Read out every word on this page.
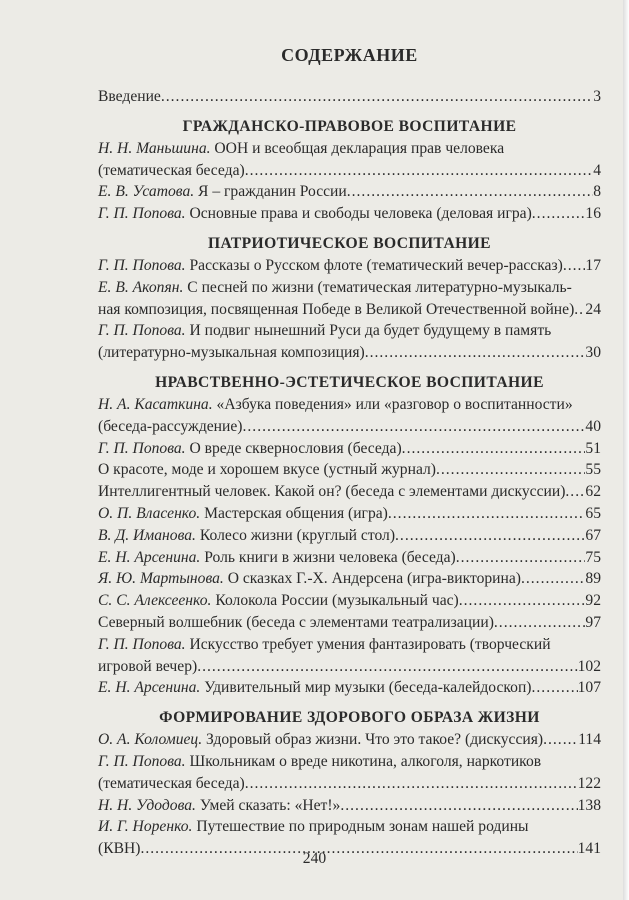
СОДЕРЖАНИЕ
Введение .....	3
ГРАЖДАНСКО-ПРАВОВОЕ ВОСПИТАНИЕ
Н. Н. Маньшина. ООН и всеобщая декларация прав человека
(тематическая беседа) .....	4
Е. В. Усатова. Я – гражданин России .....	8
Г. П. Попова. Основные права и свободы человека (деловая игра) .....	16
ПАТРИОТИЧЕСКОЕ ВОСПИТАНИЕ
Г. П. Попова. Рассказы о Русском флоте (тематический вечер-рассказ) ..... 17
Е. В. Акопян. С песней по жизни (тематическая литературно-музыкаль-
ная композиция, посвященная Победе в Великой Отечественной войне) ..... 24
Г. П. Попова. И подвиг нынешний Руси да будет будущему в память
(литературно-музыкальная композиция) .....	30
НРАВСТВЕННО-ЭСТЕТИЧЕСКОЕ ВОСПИТАНИЕ
Н. А. Касаткина. «Азбука поведения» или «разговор о воспитанности»
(беседа-рассуждение) .....	40
Г. П. Попова. О вреде сквернословия (беседа) .....	51
О красоте, моде и хорошем вкусе (устный журнал) .....	55
Интеллигентный человек. Какой он? (беседа с элементами дискуссии) ..... 62
О. П. Власенко. Мастерская общения (игра) .....	65
В. Д. Иманова. Колесо жизни (круглый стол) .....	67
Е. Н. Арсенина. Роль книги в жизни человека (беседа) .....	75
Я. Ю. Мартынова. О сказках Г.-Х. Андерсена (игра-викторина) .....	89
С. С. Алексеенко. Колокола России (музыкальный час) .....	92
Северный волшебник (беседа с элементами театрализации) .....	97
Г. П. Попова. Искусство требует умения фантазировать (творческий
игровой вечер) .....	102
Е. Н. Арсенина. Удивительный мир музыки (беседа-калейдоскоп) .....	107
ФОРМИРОВАНИЕ ЗДОРОВОГО ОБРАЗА ЖИЗНИ
О. А. Коломиец. Здоровый образ жизни. Что это такое? (дискуссия) ..... 114
Г. П. Попова. Школьникам о вреде никотина, алкоголя, наркотиков
(тематическая беседа) .....	122
Н. Н. Удодова. Умей сказать: «Нет!» .....	138
И. Г. Норенко. Путешествие по природным зонам нашей родины
(КВН) .....	141
240
